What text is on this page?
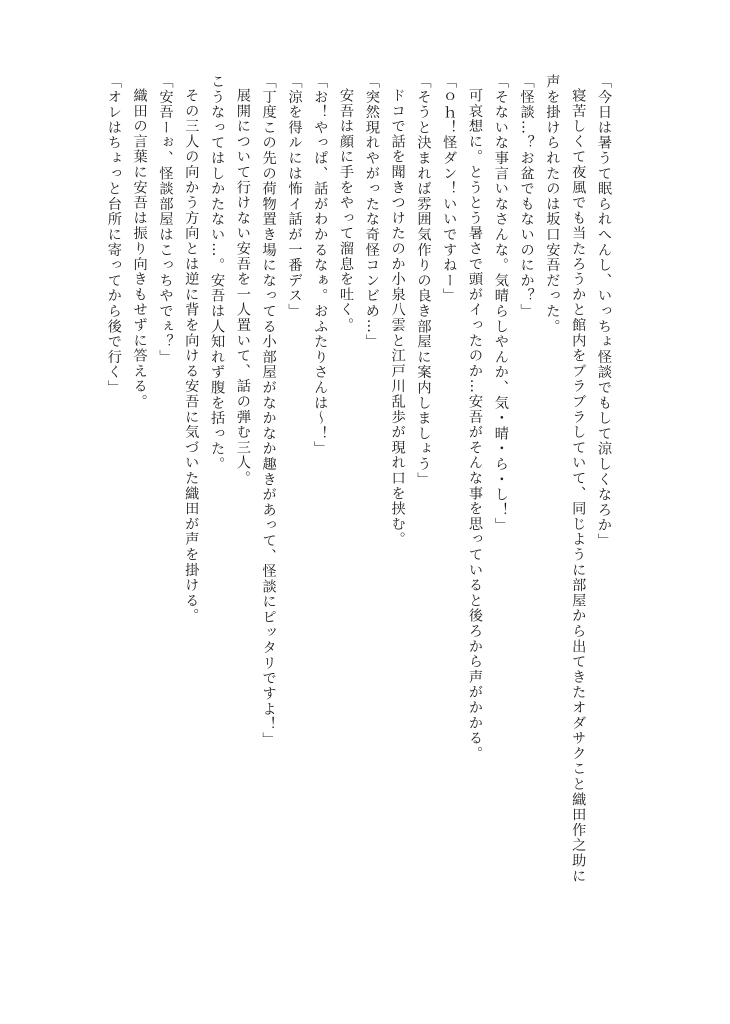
「今日は暑うて眠られへんし、いっちょ怪談でもして涼しくなろか」
寝苦しくて夜風でも当たろうかと館内をブラブラしていて、同じように部屋から出てきたオダサクこと織田作之助に
声を掛けられたのは坂口安吾だった。
「怪談…？お盆でもないのにか？」
「そないな事言いなさんな。気晴らしやんか、気・晴・ら・し！」
可哀想に。とうとう暑さで頭がイったのか…安吾がそんな事を思っていると後ろから声がかかる。
「ｏｈ！怪ダン！いいですねー」
「そうと決まれば雰囲気作りの良き部屋に案内しましょう」
ドコで話を聞きつけたのか小泉八雲と江戸川乱歩が現れ口を挟む。
「突然現れやがったな奇怪コンビめ…」
安吾は顔に手をやって溜息を吐く。
「お！やっぱ、話がわかるなぁ。おふたりさんは～！」
「涼を得ルには怖イ話が一番デス」
「丁度この先の荷物置き場になってる小部屋がなかなか趣きがあって、怪談にピッタリですよ！」
展開について行けない安吾を一人置いて、話の弾む三人。
こうなってはしかたない…。安吾は人知れず腹を括った。
その三人の向かう方向とは逆に背を向ける安吾に気づいた織田が声を掛ける。
「安吾ーぉ、怪談部屋はこっちやでぇ？」
織田の言葉に安吾は振り向きもせずに答える。
「オレはちょっと台所に寄ってから後で行く」
